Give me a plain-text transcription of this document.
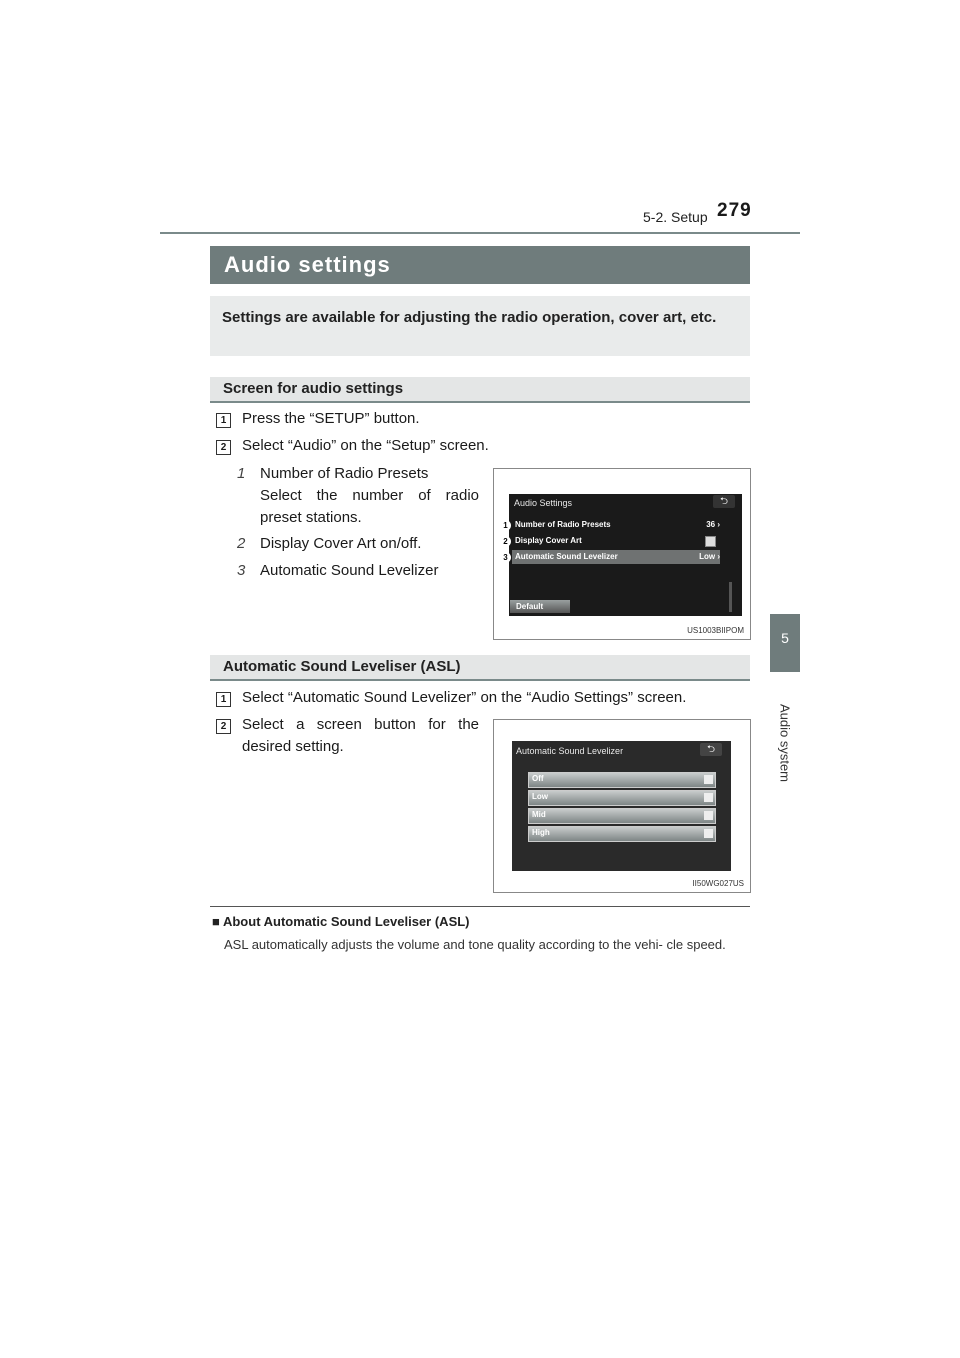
5-2. Setup 279
5
Audio system
Audio settings
Settings are available for adjusting the radio operation, cover art, etc.
Screen for audio settings
1	Press the “SETUP” button.
2	Select “Audio” on the “Setup” screen.
1 Number of Radio Presets
Select the number of radio
preset stations.
2 Display Cover Art on/off.
3 Automatic Sound Levelizer
Audio Settings	⮌
Number of Radio Presets	36 ›
Display Cover Art
Automatic Sound Levelizer	Low ›
Default
1
2
3
US1003BIIPOM
Automatic Sound Leveliser (ASL)
1	Select “Automatic Sound Levelizer” on the “Audio Settings” screen.
2	Select a screen button for the
desired setting.	Automatic Sound Levelizer	⮌
Off
Low
Mid
High
II50WG027US
■ About Automatic Sound Leveliser (ASL)
ASL automatically adjusts the volume and tone quality according to the vehi- cle speed.
